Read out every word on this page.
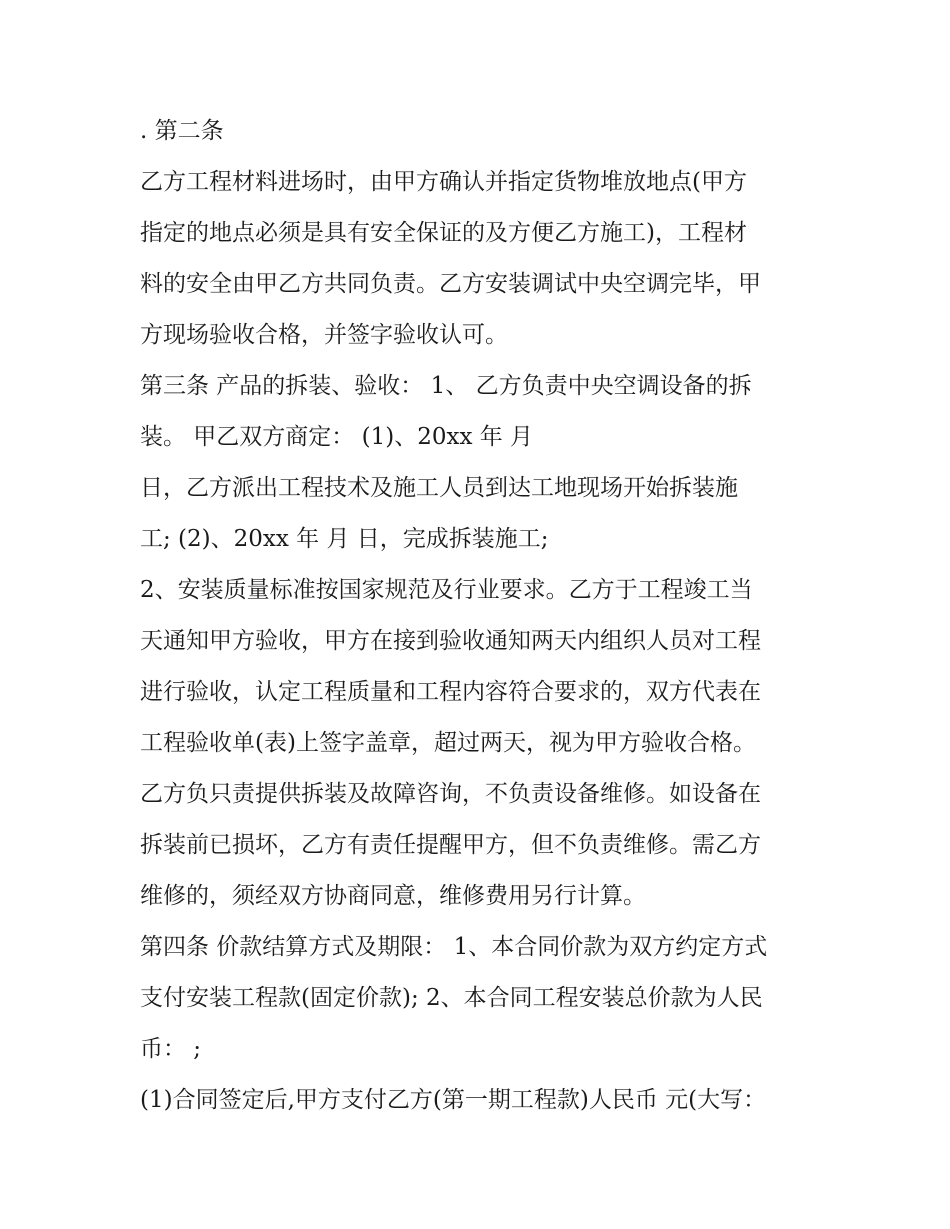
. 第二条
乙方工程材料进场时，由甲方确认并指定货物堆放地点(甲方
指定的地点必须是具有安全保证的及方便乙方施工)，工程材
料的安全由甲乙方共同负责。乙方安装调试中央空调完毕，甲
方现场验收合格，并签字验收认可。
第三条 产品的拆装、验收： 1、 乙方负责中央空调设备的拆
装。 甲乙双方商定： (1)、20xx 年 月
日，乙方派出工程技术及施工人员到达工地现场开始拆装施
工; (2)、20xx 年 月 日，完成拆装施工;
2、安装质量标准按国家规范及行业要求。乙方于工程竣工当
天通知甲方验收，甲方在接到验收通知两天内组织人员对工程
进行验收，认定工程质量和工程内容符合要求的，双方代表在
工程验收单(表)上签字盖章，超过两天，视为甲方验收合格。
乙方负只责提供拆装及故障咨询，不负责设备维修。如设备在
拆装前已损坏，乙方有责任提醒甲方，但不负责维修。需乙方
维修的，须经双方协商同意，维修费用另行计算。
第四条 价款结算方式及期限： 1、本合同价款为双方约定方式
支付安装工程款(固定价款); 2、本合同工程安装总价款为人民
币： ;
(1)合同签定后,甲方支付乙方(第一期工程款)人民币 元(大写：
